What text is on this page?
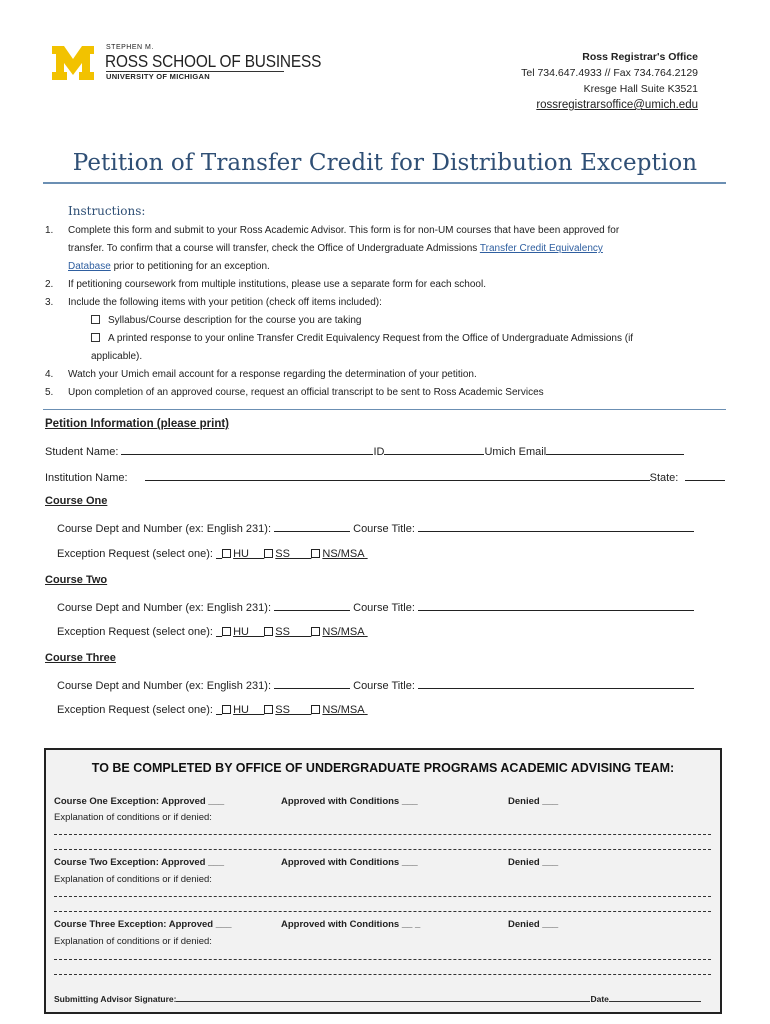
STEPHEN M.
ROSS SCHOOL OF BUSINESS
UNIVERSITY OF MICHIGAN
Ross Registrar's Office
Tel 734.647.4933 // Fax 734.764.2129
Kresge Hall Suite K3521
rossregistrarsoffice@umich.edu
Petition of Transfer Credit for Distribution Exception
Instructions:
1. Complete this form and submit to your Ross Academic Advisor. This form is for non-UM courses that have been approved for
transfer. To confirm that a course will transfer, check the Office of Undergraduate Admissions Transfer Credit Equivalency
Database prior to petitioning for an exception.
2. If petitioning coursework from multiple institutions, please use a separate form for each school.
3. Include the following items with your petition (check off items included):
Syllabus/Course description for the course you are taking
A printed response to your online Transfer Credit Equivalency Request from the Office of Undergraduate Admissions (if
applicable).
4. Watch your Umich email account for a response regarding the determination of your petition.
5. Upon completion of an approved course, request an official transcript to be sent to Ross Academic Services
Petition Information (please print)
Student Name:	ID	Umich Email
Institution Name:	State:
Course One
Course Dept and Number (ex: English 231):	Course Title:
Exception Request (select one): HU SS	NS/MSA
Course Two
Course Dept and Number (ex: English 231):	Course Title:
Exception Request (select one): HU SS	NS/MSA
Course Three
Course Dept and Number (ex: English 231):	Course Title:
Exception Request (select one): HU SS	NS/MSA
TO BE COMPLETED BY OFFICE OF UNDERGRADUATE PROGRAMS ACADEMIC ADVISING TEAM:
Course One Exception: Approved ___	Approved with Conditions ___	Denied ___
Explanation of conditions or if denied:
Course Two Exception: Approved ___	Approved with Conditions ___	Denied ___
Explanation of conditions or if denied:
Course Three Exception: Approved ___	Approved with Conditions __ _	Denied ___
Explanation of conditions or if denied:
Submitting Advisor Signature:	Date
